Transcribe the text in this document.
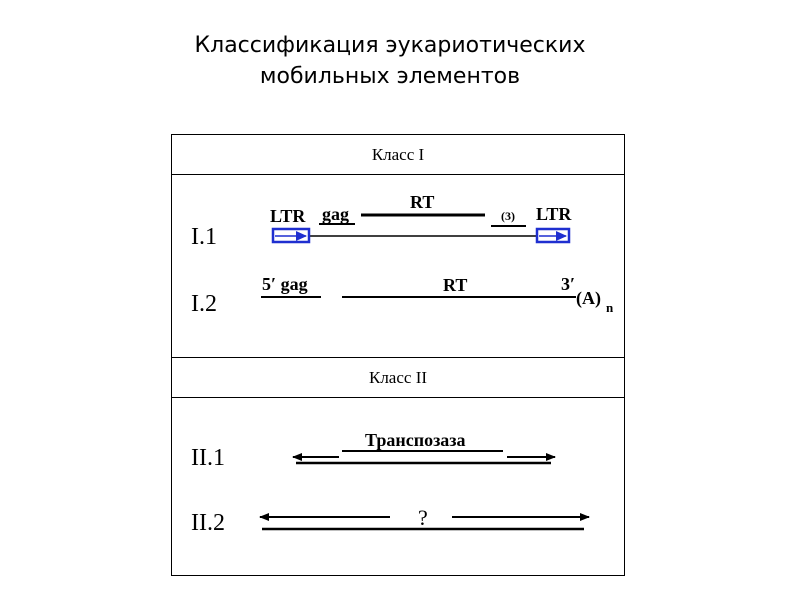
Классификация эукариотических
мобильных элементов
Класс I
Класс II
I.1
LTR gag
RT
(3) LTR
I.2
5′ gag	RT	3′
(A) n
II.1
Транспозаза
II.2	?
